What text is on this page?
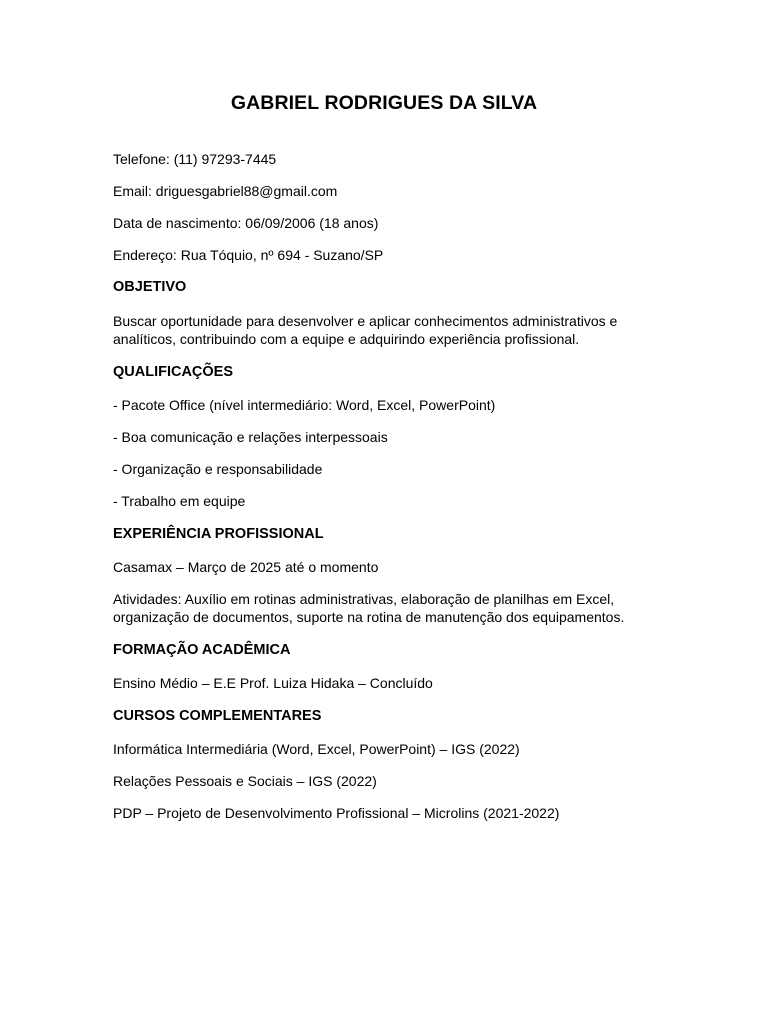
GABRIEL RODRIGUES DA SILVA

Telefone: (11) 97293-7445

Email: driguesgabriel88@gmail.com

Data de nascimento: 06/09/2006 (18 anos)

Endereço: Rua Tóquio, nº 694 - Suzano/SP

OBJETIVO

Buscar oportunidade para desenvolver e aplicar conhecimentos administrativos e analíticos, contribuindo com a equipe e adquirindo experiência profissional.

QUALIFICAÇÕES

- Pacote Office (nível intermediário: Word, Excel, PowerPoint)

- Boa comunicação e relações interpessoais

- Organização e responsabilidade

- Trabalho em equipe

EXPERIÊNCIA PROFISSIONAL

Casamax – Março de 2025 até o momento

Atividades: Auxílio em rotinas administrativas, elaboração de planilhas em Excel, organização de documentos, suporte na rotina de manutenção dos equipamentos.

FORMAÇÃO ACADÊMICA

Ensino Médio – E.E Prof. Luiza Hidaka – Concluído

CURSOS COMPLEMENTARES

Informática Intermediária (Word, Excel, PowerPoint) – IGS (2022)

Relações Pessoais e Sociais – IGS (2022)

PDP – Projeto de Desenvolvimento Profissional – Microlins (2021-2022)
